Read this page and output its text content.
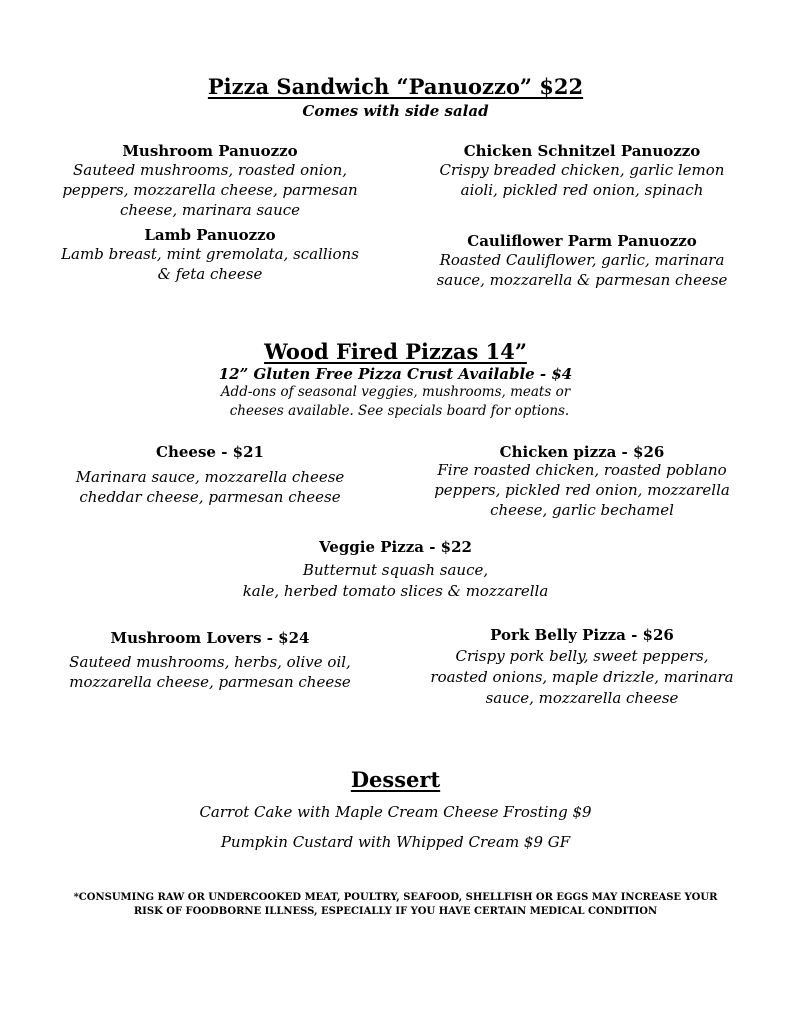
Pizza Sandwich “Panuozzo” $22
Comes with side salad
Mushroom Panuozzo
Sauteed mushrooms, roasted onion,
peppers, mozzarella cheese, parmesan
cheese, marinara sauce
Chicken Schnitzel Panuozzo
Crispy breaded chicken, garlic lemon
aioli, pickled red onion, spinach
Lamb Panuozzo
Lamb breast, mint gremolata, scallions
& feta cheese
Cauliflower Parm Panuozzo
Roasted Cauliflower, garlic, marinara
sauce, mozzarella & parmesan cheese
Wood Fired Pizzas 14”
12” Gluten Free Pizza Crust Available - $4
Add-ons of seasonal veggies, mushrooms, meats or
cheeses available. See specials board for options.
Cheese - $21
Marinara sauce, mozzarella cheese
cheddar cheese, parmesan cheese
Chicken pizza - $26
Fire roasted chicken, roasted poblano
peppers, pickled red onion, mozzarella
cheese, garlic bechamel
Veggie Pizza - $22
Butternut squash sauce,
kale, herbed tomato slices & mozzarella
Mushroom Lovers - $24
Sauteed mushrooms, herbs, olive oil,
mozzarella cheese, parmesan cheese
Pork Belly Pizza - $26
Crispy pork belly, sweet peppers,
roasted onions, maple drizzle, marinara
sauce, mozzarella cheese
Dessert
Carrot Cake with Maple Cream Cheese Frosting $9
Pumpkin Custard with Whipped Cream $9 GF
*CONSUMING RAW OR UNDERCOOKED MEAT, POULTRY, SEAFOOD, SHELLFISH OR EGGS MAY INCREASE YOUR
RISK OF FOODBORNE ILLNESS, ESPECIALLY IF YOU HAVE CERTAIN MEDICAL CONDITION
